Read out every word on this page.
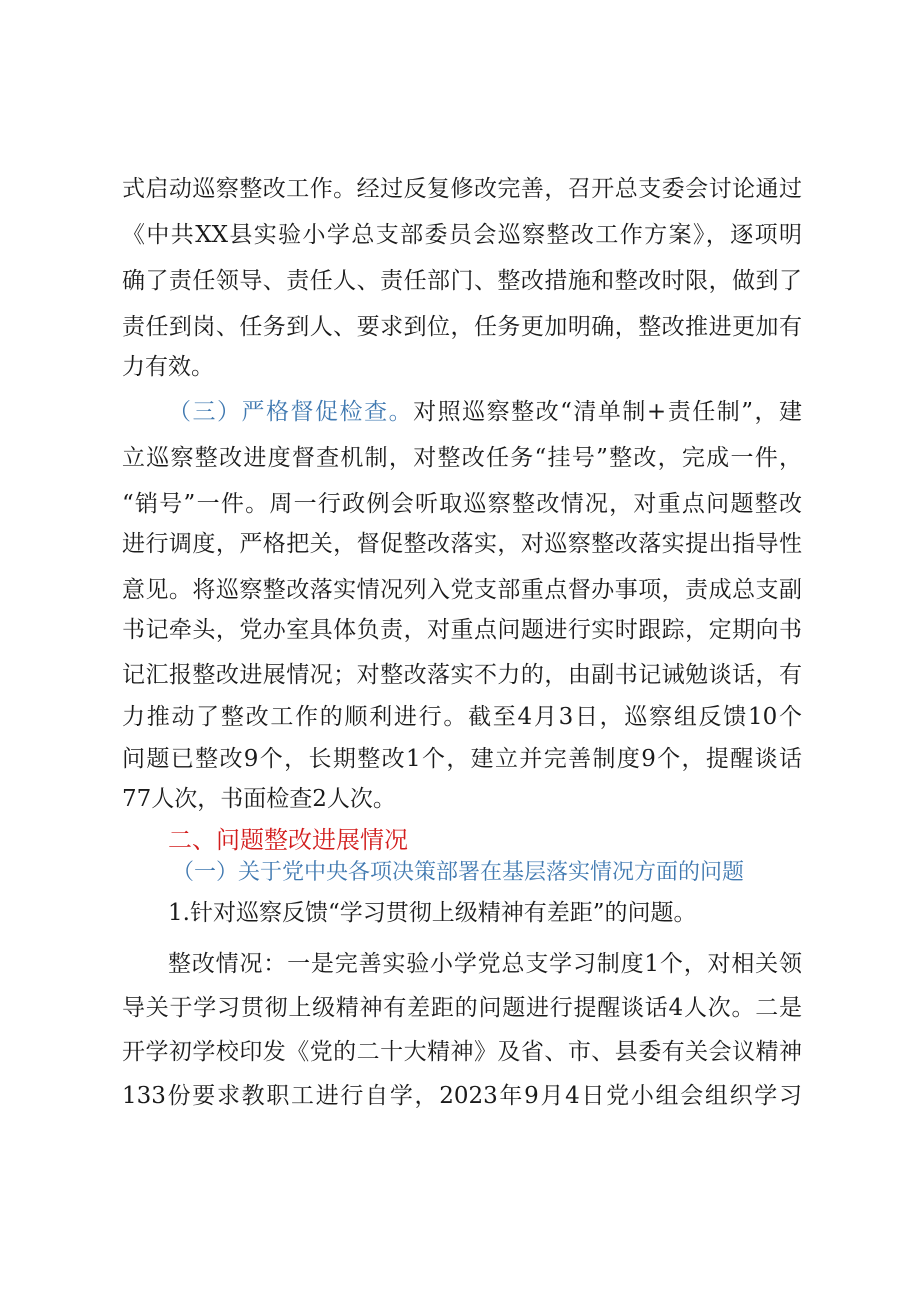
式启动巡察整改工作。经过反复修改完善，召开总支委会讨论通过
《中共XX县实验小学总支部委员会巡察整改工作方案》，逐项明
确了责任领导、责任人、责任部门、整改措施和整改时限，做到了
责任到岗、任务到人、要求到位，任务更加明确，整改推进更加有
力有效。
（三）严格督促检查。对照巡察整改“清单制+责任制”，建
立巡察整改进度督查机制，对整改任务“挂号”整改，完成一件，
“销号”一件。周一行政例会听取巡察整改情况，对重点问题整改
进行调度，严格把关，督促整改落实，对巡察整改落实提出指导性
意见。将巡察整改落实情况列入党支部重点督办事项，责成总支副
书记牵头，党办室具体负责，对重点问题进行实时跟踪，定期向书
记汇报整改进展情况；对整改落实不力的，由副书记诫勉谈话，有
力推动了整改工作的顺利进行。截至4月3日，巡察组反馈10个
问题已整改9个，长期整改1个，建立并完善制度9个，提醒谈话
77人次，书面检查2人次。
二、问题整改进展情况
（一）关于党中央各项决策部署在基层落实情况方面的问题
1.针对巡察反馈“学习贯彻上级精神有差距”的问题。
整改情况：一是完善实验小学党总支学习制度1个，对相关领
导关于学习贯彻上级精神有差距的问题进行提醒谈话4人次。二是
开学初学校印发《党的二十大精神》及省、市、县委有关会议精神
133份要求教职工进行自学，2023年9月4日党小组会组织学习
